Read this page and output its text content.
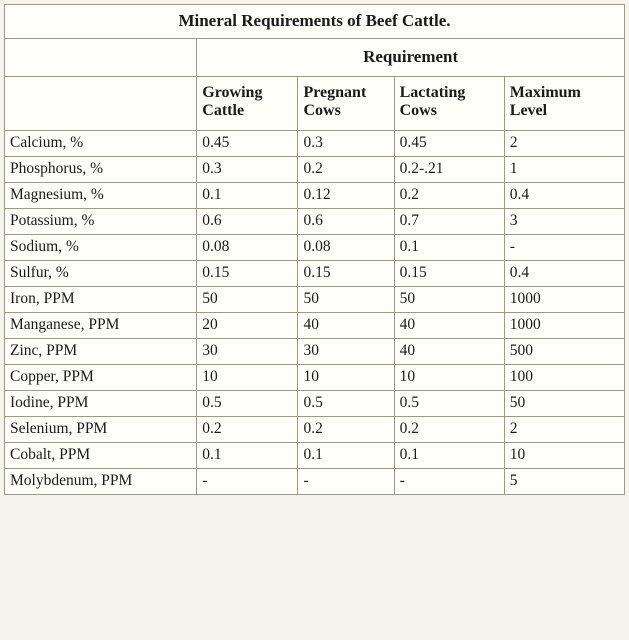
Mineral Requirements of Beef Cattle.				
	Requirement			
	Growing Cattle	Pregnant Cows	Lactating Cows	Maximum Level
Calcium, %	0.45	0.3	0.45	2
Phosphorus, %	0.3	0.2	0.2-.21	1
Magnesium, %	0.1	0.12	0.2	0.4
Potassium, %	0.6	0.6	0.7	3
Sodium, %	0.08	0.08	0.1	-
Sulfur, %	0.15	0.15	0.15	0.4
Iron, PPM	50	50	50	1000
Manganese, PPM	20	40	40	1000
Zinc, PPM	30	30	40	500
Copper, PPM	10	10	10	100
Iodine, PPM	0.5	0.5	0.5	50
Selenium, PPM	0.2	0.2	0.2	2
Cobalt, PPM	0.1	0.1	0.1	10
Molybdenum, PPM	-	-	-	5
